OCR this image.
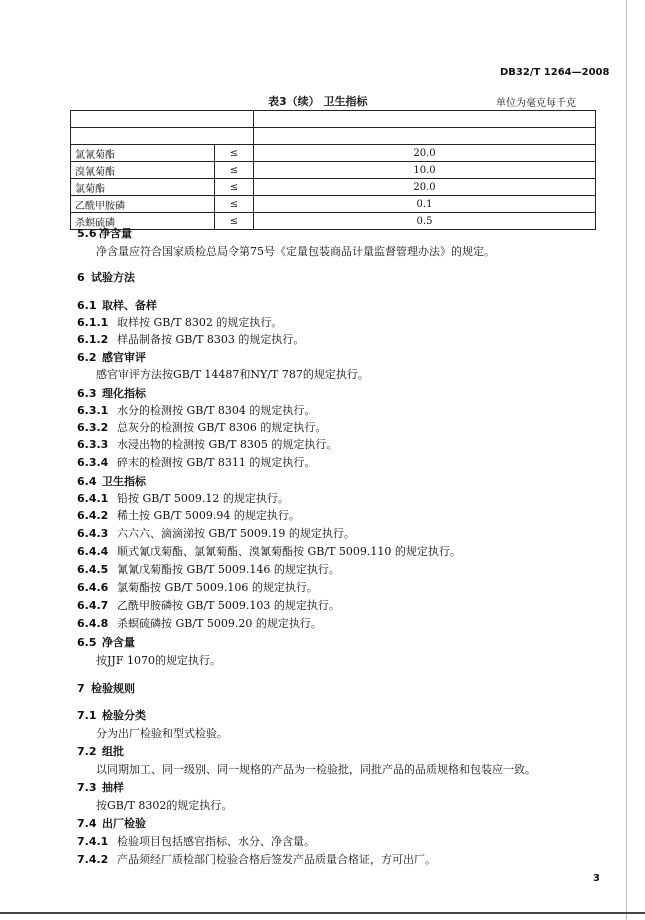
DB32/T 1264—2008
表3（续） 卫生指标	单位为毫克每千克

氯氰菊酯	≤	20.0
溴氰菊酯	≤	10.0
氯菊酯	≤	20.0
乙酰甲胺磷	≤	0.1
杀螟硫磷	≤	0.5
5.6 净含量
净含量应符合国家质检总局令第75号《定量包装商品计量监督管理办法》的规定。
6 试验方法
6.1 取样、备样
6.1.1 取样按 GB/T 8302 的规定执行。
6.1.2 样品制备按 GB/T 8303 的规定执行。
6.2 感官审评
感官审评方法按GB/T 14487和NY/T 787的规定执行。
6.3 理化指标
6.3.1 水分的检测按 GB/T 8304 的规定执行。
6.3.2 总灰分的检测按 GB/T 8306 的规定执行。
6.3.3 水浸出物的检测按 GB/T 8305 的规定执行。
6.3.4 碎末的检测按 GB/T 8311 的规定执行。
6.4 卫生指标
6.4.1 铅按 GB/T 5009.12 的规定执行。
6.4.2 稀土按 GB/T 5009.94 的规定执行。
6.4.3 六六六、滴滴涕按 GB/T 5009.19 的规定执行。
6.4.4 顺式氰戊菊酯、氯氰菊酯、溴氰菊酯按 GB/T 5009.110 的规定执行。
6.4.5 氰氰戊菊酯按 GB/T 5009.146 的规定执行。
6.4.6 氯菊酯按 GB/T 5009.106 的规定执行。
6.4.7 乙酰甲胺磷按 GB/T 5009.103 的规定执行。
6.4.8 杀螟硫磷按 GB/T 5009.20 的规定执行。
6.5 净含量
按JJF 1070的规定执行。
7 检验规则
7.1 检验分类
分为出厂检验和型式检验。
7.2 组批
以同期加工、同一级别、同一规格的产品为一检验批，同批产品的品质规格和包装应一致。
7.3 抽样
按GB/T 8302的规定执行。
7.4 出厂检验
7.4.1 检验项目包括感官指标、水分、净含量。
7.4.2 产品须经厂质检部门检验合格后签发产品质量合格证，方可出厂。
3
